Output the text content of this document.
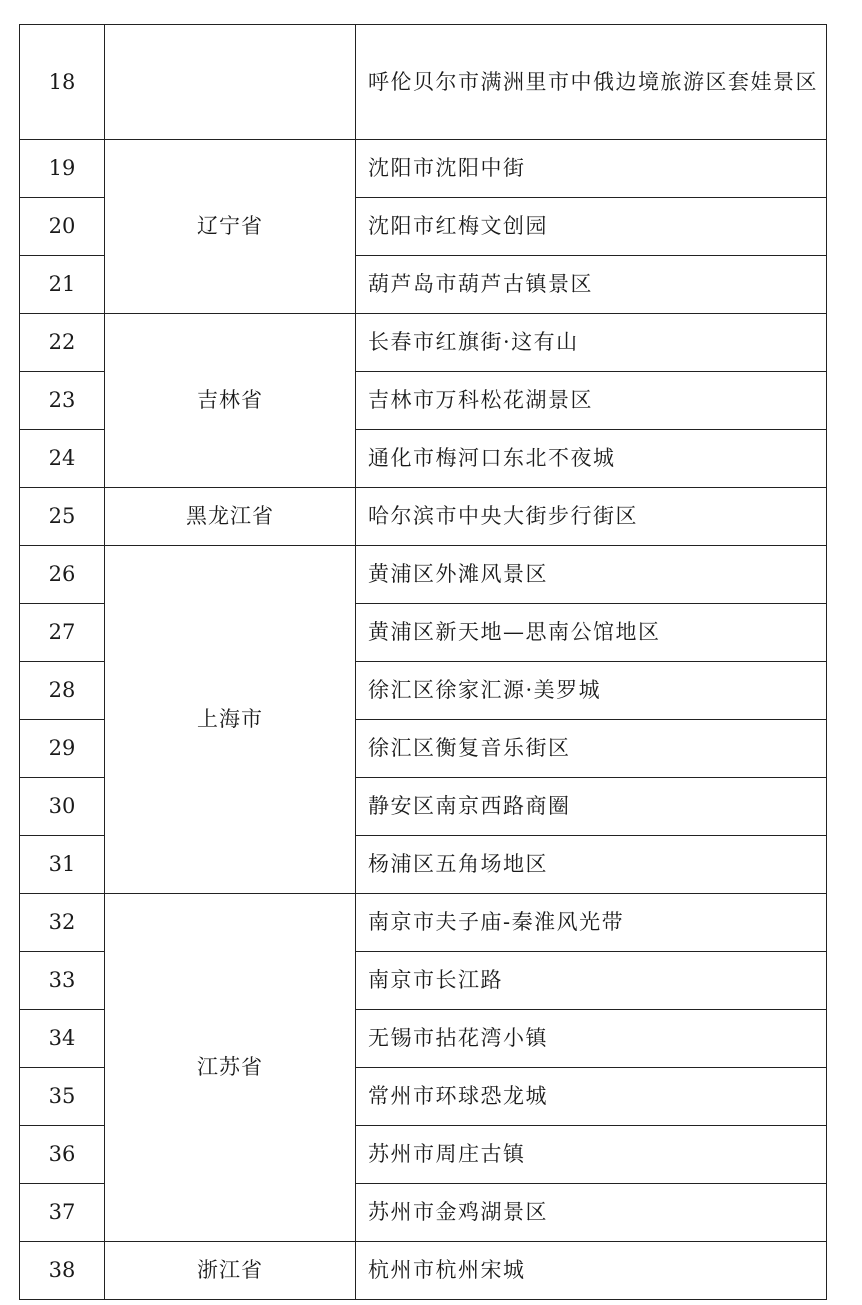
18		呼伦贝尔市满洲里市中俄边境旅游区套娃景区
19	辽宁省	沈阳市沈阳中街
20		沈阳市红梅文创园
21		葫芦岛市葫芦古镇景区
22	吉林省	长春市红旗街·这有山
23		吉林市万科松花湖景区
24		通化市梅河口东北不夜城
25	黑龙江省	哈尔滨市中央大街步行街区
26	上海市	黄浦区外滩风景区
27		黄浦区新天地—思南公馆地区
28		徐汇区徐家汇源·美罗城
29		徐汇区衡复音乐街区
30		静安区南京西路商圈
31		杨浦区五角场地区
32	江苏省	南京市夫子庙-秦淮风光带
33		南京市长江路
34		无锡市拈花湾小镇
35		常州市环球恐龙城
36		苏州市周庄古镇
37		苏州市金鸡湖景区
38	浙江省	杭州市杭州宋城
